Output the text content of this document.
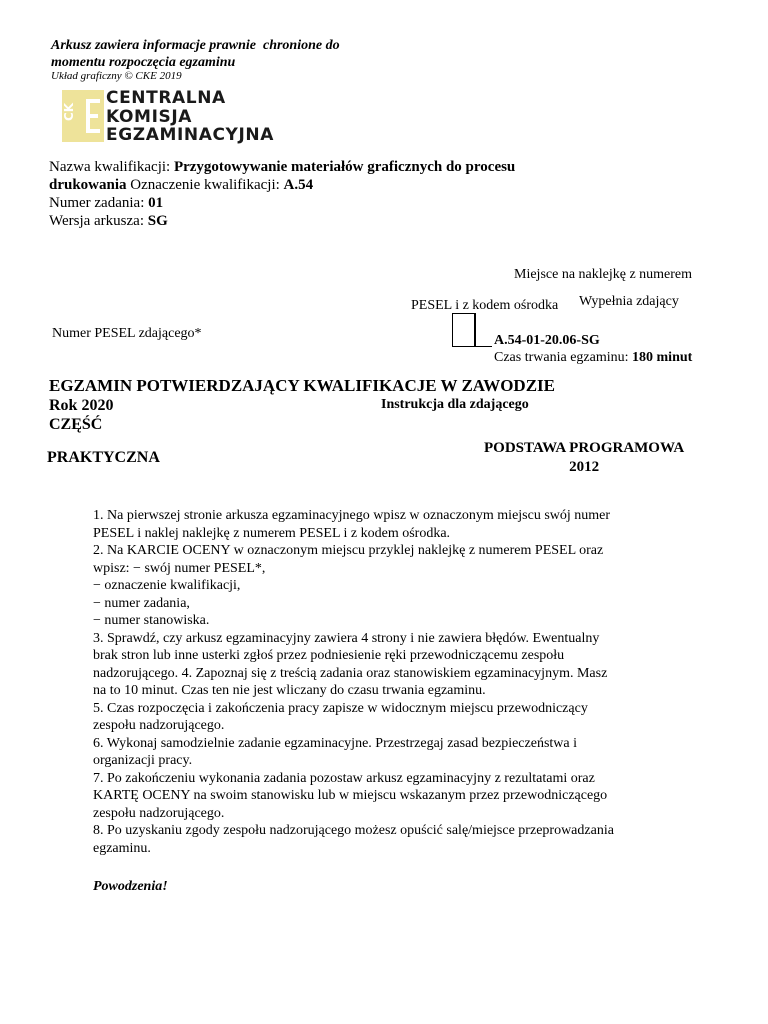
Arkusz zawiera informacje prawnie  chronione do
momentu rozpoczęcia egzaminu
Układ graficzny © CKE 2019
CK
CENTRALNA
KOMISJA
EGZAMINACYJNA
Nazwa kwalifikacji: Przygotowywanie materiałów graficznych do procesu
drukowania Oznaczenie kwalifikacji: A.54
Numer zadania: 01
Wersja arkusza: SG
Miejsce na naklejkę z numerem
PESEL i z kodem ośrodka Wypełnia zdający
Numer PESEL zdającego*	A.54-01-20.06-SG
Czas trwania egzaminu: 180 minut
EGZAMIN POTWIERDZAJĄCY KWALIFIKACJE W ZAWODZIE
Rok 2020	Instrukcja dla zdającego
CZĘŚĆ
PRAKTYCZNA
PODSTAWA PROGRAMOWA
2012

1. Na pierwszej stronie arkusza egzaminacyjnego wpisz w oznaczonym miejscu swój numer

PESEL i naklej naklejkę z numerem PESEL i z kodem ośrodka.

2. Na KARCIE OCENY w oznaczonym miejscu przyklej naklejkę z numerem PESEL oraz

wpisz: − swój numer PESEL*,

− oznaczenie kwalifikacji,

− numer zadania,

− numer stanowiska.

3. Sprawdź, czy arkusz egzaminacyjny zawiera 4 strony i nie zawiera błędów. Ewentualny

brak stron lub inne usterki zgłoś przez podniesienie ręki przewodniczącemu zespołu

nadzorującego. 4. Zapoznaj się z treścią zadania oraz stanowiskiem egzaminacyjnym. Masz

na to 10 minut. Czas ten nie jest wliczany do czasu trwania egzaminu.

5. Czas rozpoczęcia i zakończenia pracy zapisze w widocznym miejscu przewodniczący

zespołu nadzorującego.

6. Wykonaj samodzielnie zadanie egzaminacyjne. Przestrzegaj zasad bezpieczeństwa i

organizacji pracy.

7. Po zakończeniu wykonania zadania pozostaw arkusz egzaminacyjny z rezultatami oraz

KARTĘ OCENY na swoim stanowisku lub w miejscu wskazanym przez przewodniczącego

zespołu nadzorującego.

8. Po uzyskaniu zgody zespołu nadzorującego możesz opuścić salę/miejsce przeprowadzania

egzaminu.

Powodzenia!
